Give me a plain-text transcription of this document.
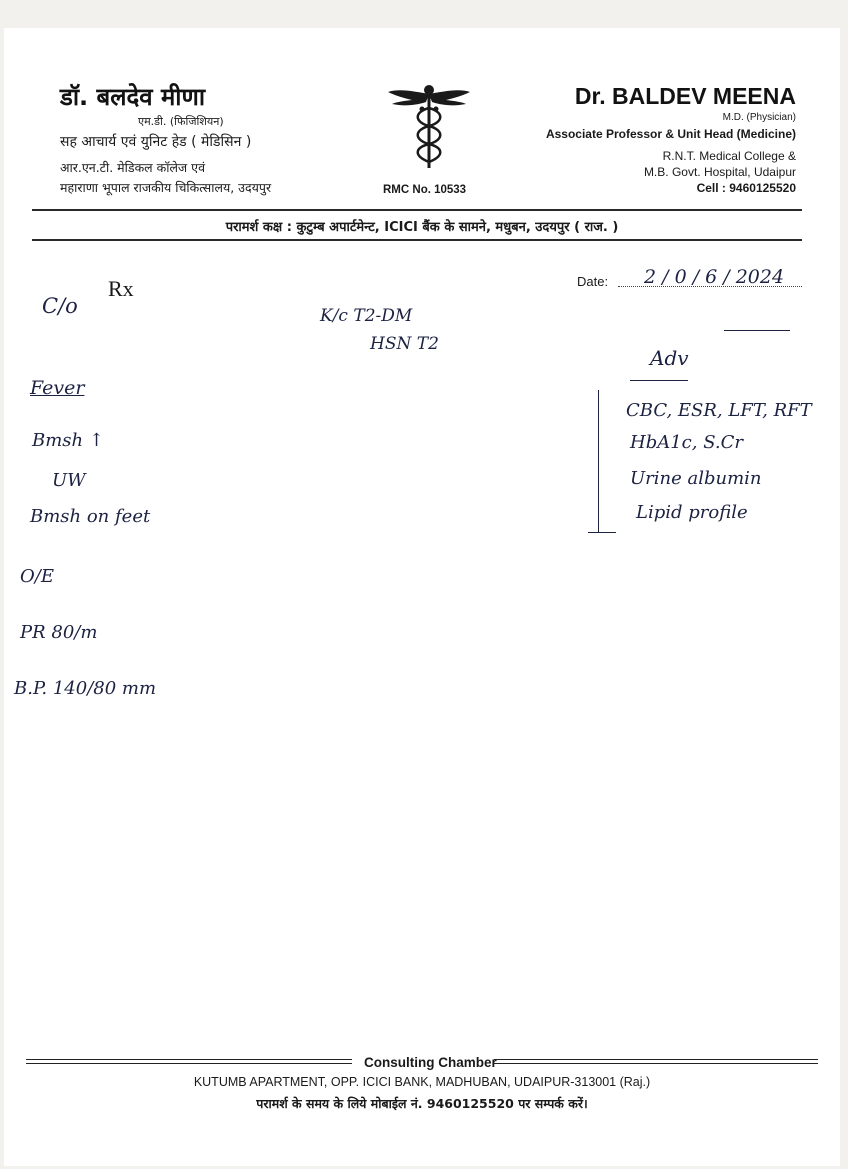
डॉ. बलदेव मीणा
एम.डी. (फिजिशियन)
सह आचार्य एवं युनिट हेड ( मेडिसिन )
आर.एन.टी. मेडिकल कॉलेज एवं
महाराणा भूपाल राजकीय चिकित्सालय, उदयपुर	RMC No. 10533
Dr. BALDEV MEENA
M.D. (Physician)
Associate Professor & Unit Head (Medicine)
R.N.T. Medical College &
M.B. Govt. Hospital, Udaipur
Cell : 9460125520
परामर्श कक्ष : कुटुम्ब अपार्टमेन्ट, ICICI बैंक के सामने, मधुबन, उदयपुर ( राज. )
Rx	Date: 2 / 0 / 6 / 2024
C/o
Fever
Bmsh ↑
UW
Bmsh on feet
O/E
PR 80/m
B.P. 140/80 mm
K/c T2-DM
HSN T2
Adv
CBC, ESR, LFT, RFT
HbA1c, S.Cr
Urine albumin
Lipid profile
Consulting Chamber
KUTUMB APARTMENT, OPP. ICICI BANK, MADHUBAN, UDAIPUR-313001 (Raj.)
परामर्श के समय के लिये मोबाईल नं. 9460125520 पर सम्पर्क करें।
